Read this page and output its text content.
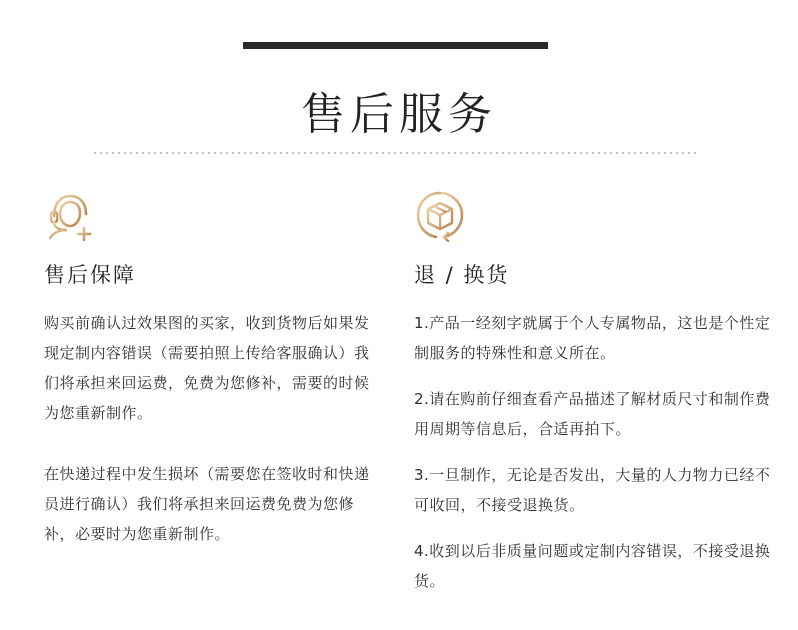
售后服务
售后保障
购买前确认过效果图的买家，收到货物后如果发现定制内容错误（需要拍照上传给客服确认）我们将承担来回运费，免费为您修补，需要的时候为您重新制作。
在快递过程中发生损坏（需要您在签收时和快递员进行确认）我们将承担来回运费免费为您修补，必要时为您重新制作。
退 / 换货
1.产品一经刻字就属于个人专属物品，这也是个性定制服务的特殊性和意义所在。
2.请在购前仔细查看产品描述了解材质尺寸和制作费用周期等信息后，合适再拍下。
3.一旦制作，无论是否发出，大量的人力物力已经不可收回，不接受退换货。
4.收到以后非质量问题或定制内容错误，不接受退换货。
